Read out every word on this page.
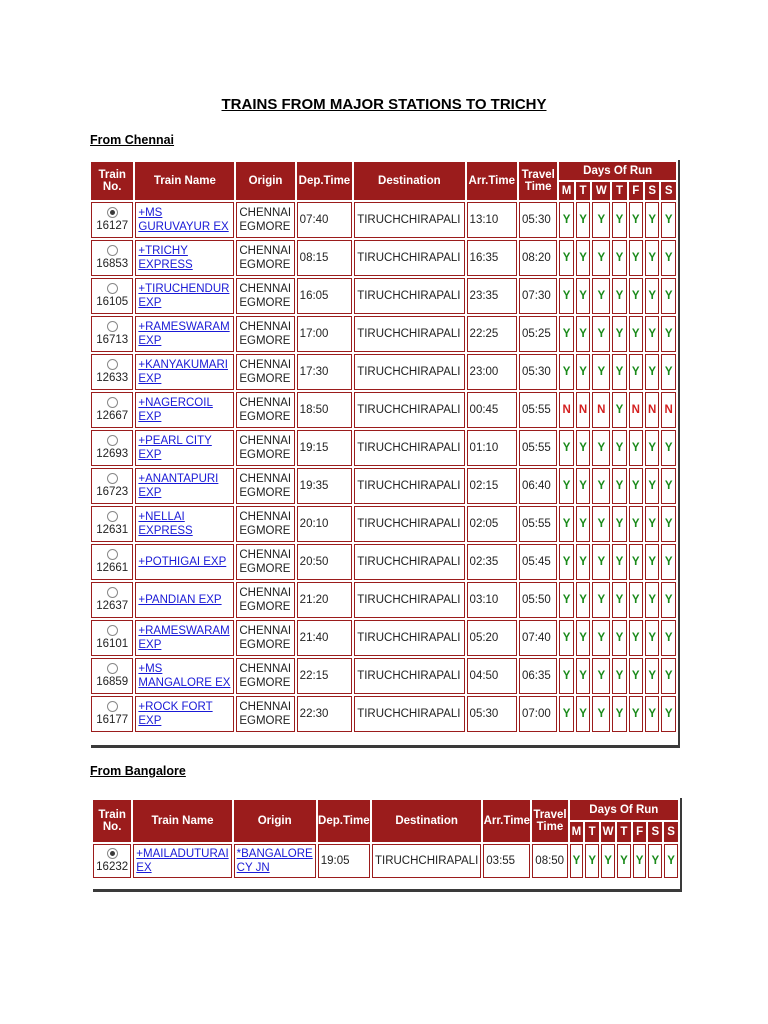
TRAINS FROM MAJOR STATIONS TO TRICHY
From Chennai
Train No.	Train Name	Origin	Dep.Time	Destination	Arr.Time	Travel Time	Days Of Run						
							M	T	W	T	F	S	S

16127	+MS
GURUVAYUR EX	CHENNAI
EGMORE	07:40	TIRUCHCHIRAPALI	13:10	05:30	Y	Y	Y	Y	Y	Y	Y

16853	+TRICHY
EXPRESS	CHENNAI
EGMORE	08:15	TIRUCHCHIRAPALI	16:35	08:20	Y	Y	Y	Y	Y	Y	Y

16105	+TIRUCHENDUR
EXP	CHENNAI
EGMORE	16:05	TIRUCHCHIRAPALI	23:35	07:30	Y	Y	Y	Y	Y	Y	Y

16713	+RAMESWARAM
EXP	CHENNAI
EGMORE	17:00	TIRUCHCHIRAPALI	22:25	05:25	Y	Y	Y	Y	Y	Y	Y

12633	+KANYAKUMARI
EXP	CHENNAI
EGMORE	17:30	TIRUCHCHIRAPALI	23:00	05:30	Y	Y	Y	Y	Y	Y	Y

12667	+NAGERCOIL
EXP	CHENNAI
EGMORE	18:50	TIRUCHCHIRAPALI	00:45	05:55	N	N	N	Y	N	N	N

12693	+PEARL CITY
EXP	CHENNAI
EGMORE	19:15	TIRUCHCHIRAPALI	01:10	05:55	Y	Y	Y	Y	Y	Y	Y

16723	+ANANTAPURI
EXP	CHENNAI
EGMORE	19:35	TIRUCHCHIRAPALI	02:15	06:40	Y	Y	Y	Y	Y	Y	Y

12631	+NELLAI
EXPRESS	CHENNAI
EGMORE	20:10	TIRUCHCHIRAPALI	02:05	05:55	Y	Y	Y	Y	Y	Y	Y

12661	+POTHIGAI EXP	CHENNAI
EGMORE	20:50	TIRUCHCHIRAPALI	02:35	05:45	Y	Y	Y	Y	Y	Y	Y

12637	+PANDIAN EXP	CHENNAI
EGMORE	21:20	TIRUCHCHIRAPALI	03:10	05:50	Y	Y	Y	Y	Y	Y	Y

16101	+RAMESWARAM
EXP	CHENNAI
EGMORE	21:40	TIRUCHCHIRAPALI	05:20	07:40	Y	Y	Y	Y	Y	Y	Y

16859	+MS
MANGALORE EX	CHENNAI
EGMORE	22:15	TIRUCHCHIRAPALI	04:50	06:35	Y	Y	Y	Y	Y	Y	Y

16177	+ROCK FORT
EXP	CHENNAI
EGMORE	22:30	TIRUCHCHIRAPALI	05:30	07:00	Y	Y	Y	Y	Y	Y	Y
From Bangalore
Train No.	Train Name	Origin	Dep.Time	Destination	Arr.Time	Travel Time	Days Of Run						
							M	T	W	T	F	S	S

16232	+MAILADUTURAI
EX	*BANGALORE
CY JN	19:05	TIRUCHCHIRAPALI	03:55	08:50	Y	Y	Y	Y	Y	Y	Y
